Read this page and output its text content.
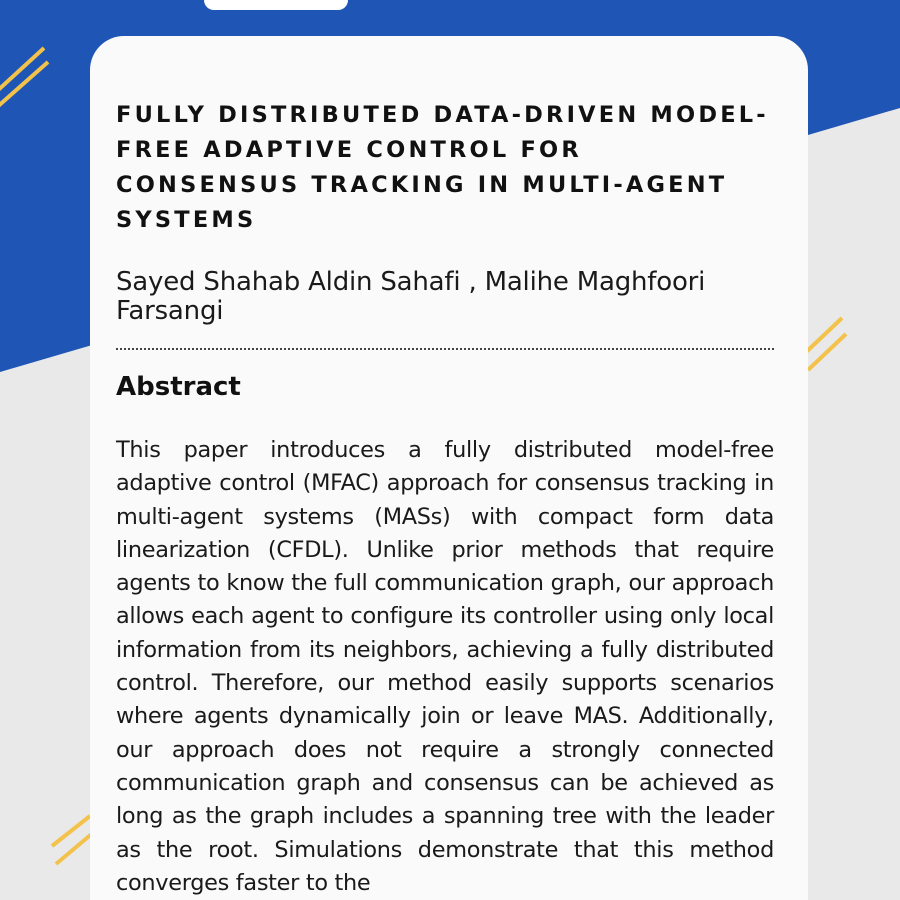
FULLY DISTRIBUTED DATA-DRIVEN MODEL-FREE ADAPTIVE CONTROL FOR CONSENSUS TRACKING IN MULTI-AGENT SYSTEMS

Sayed Shahab Aldin Sahafi , Malihe Maghfoori Farsangi

Abstract

This paper introduces a fully distributed model-free adaptive control (MFAC) approach for consensus tracking in multi-agent systems (MASs) with compact form data linearization (CFDL). Unlike prior methods that require agents to know the full communication graph, our approach allows each agent to configure its controller using only local information from its neighbors, achieving a fully distributed control. Therefore, our method easily supports scenarios where agents dynamically join or leave MAS. Additionally, our approach does not require a strongly connected communication graph and consensus can be achieved as long as the graph includes a spanning tree with the leader as the root. Simulations demonstrate that this method converges faster to the
